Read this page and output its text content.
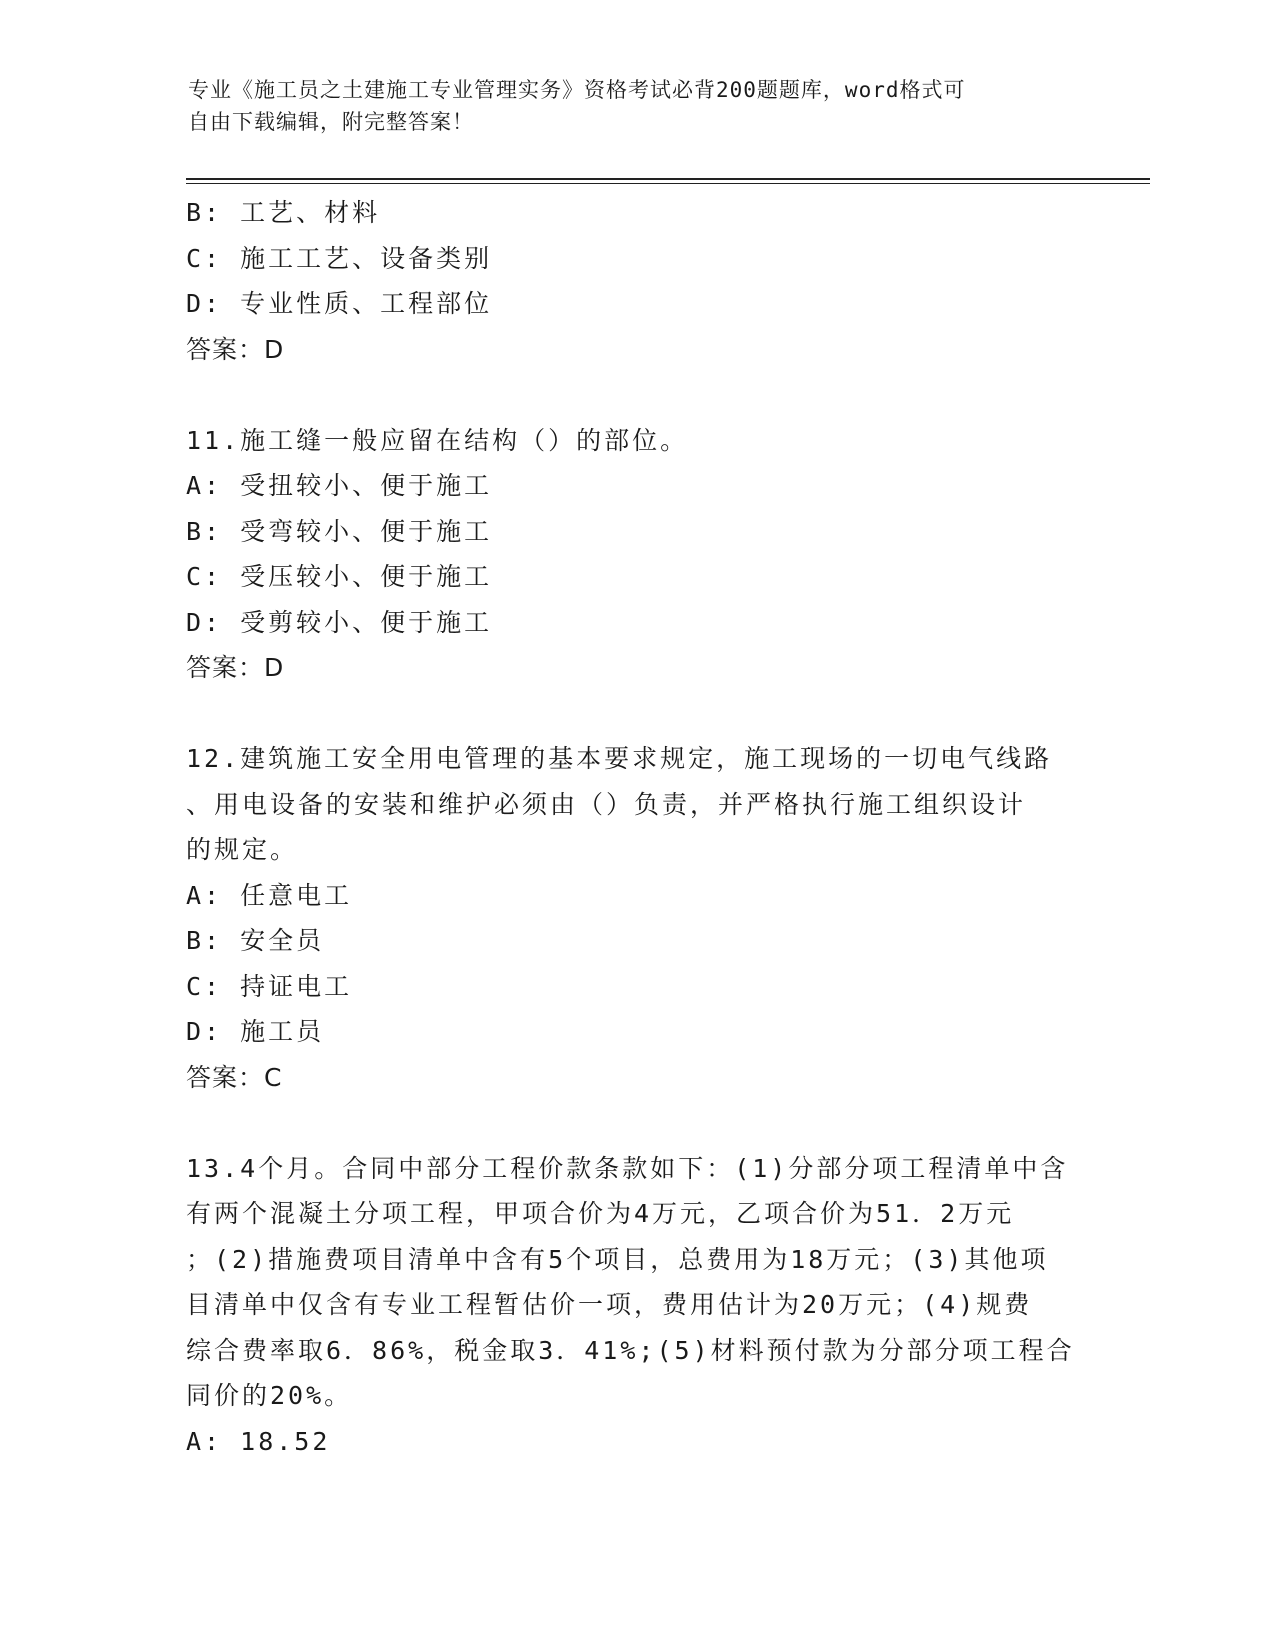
专业《施工员之土建施工专业管理实务》资格考试必背200题题库，word格式可
自由下载编辑，附完整答案！
B: 工艺、材料
C: 施工工艺、设备类别
D: 专业性质、工程部位
答案：D
11.施工缝一般应留在结构（）的部位。
A: 受扭较小、便于施工
B: 受弯较小、便于施工
C: 受压较小、便于施工
D: 受剪较小、便于施工
答案：D
12.建筑施工安全用电管理的基本要求规定，施工现场的一切电气线路
、用电设备的安装和维护必须由（）负责，并严格执行施工组织设计
的规定。
A: 任意电工
B: 安全员
C: 持证电工
D: 施工员
答案：C
13.4个月。合同中部分工程价款条款如下：(1)分部分项工程清单中含
有两个混凝土分项工程，甲项合价为4万元，乙项合价为51．2万元
；(2)措施费项目清单中含有5个项目，总费用为18万元；(3)其他项
目清单中仅含有专业工程暂估价一项，费用估计为20万元；(4)规费
综合费率取6．86%，税金取3．41%;(5)材料预付款为分部分项工程合
同价的20%。
A: 18.52
